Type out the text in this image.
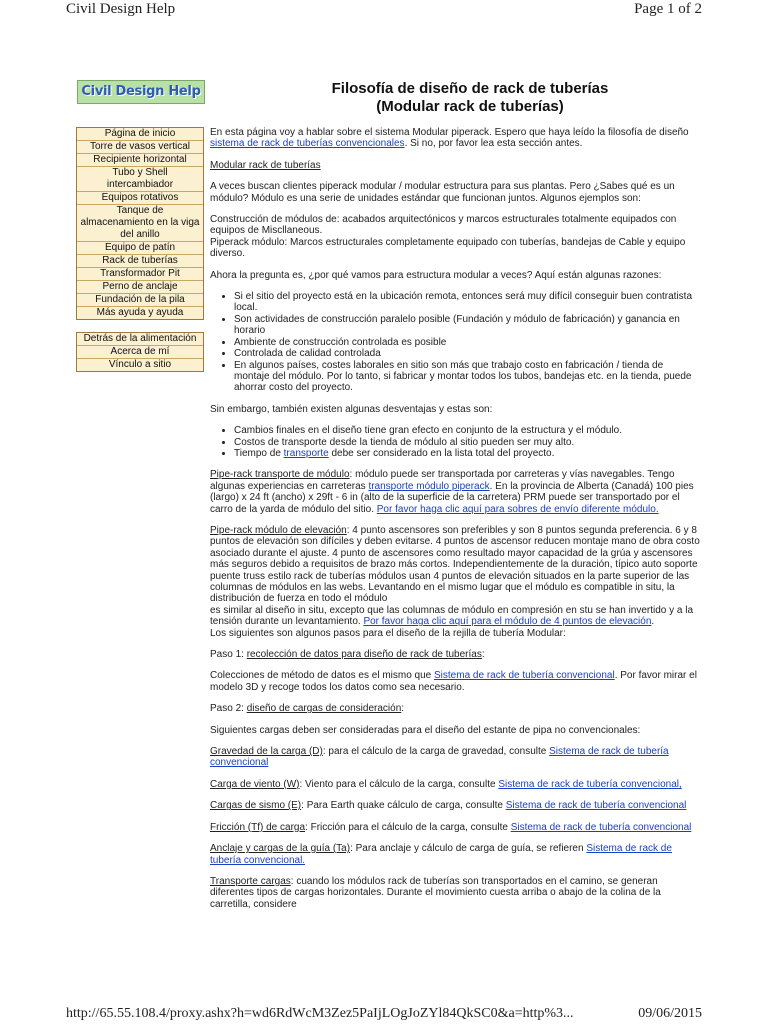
Civil Design Help	Page 1 of 2
Civil Design Help
Página de inicio
Torre de vasos vertical
Recipiente horizontal
Tubo y Shell intercambiador
Equipos rotativos
Tanque de almacenamiento en la viga del anillo
Equipo de patín
Rack de tuberías
Transformador Pit
Perno de anclaje
Fundación de la pila
Más ayuda y ayuda
Detrás de la alimentación
Acerca de mí
Vínculo a sitio
Filosofía de diseño de rack de tuberías
(Modular rack de tuberías)

En esta página voy a hablar sobre el sistema Modular piperack. Espero que haya leído la filosofía de diseño
sistema de rack de tuberías convencionales. Si no, por favor lea esta sección antes.

Modular rack de tuberías

A veces buscan clientes piperack modular / modular estructura para sus plantas. Pero ¿Sabes qué es un módulo? Módulo es una serie de unidades estándar que funcionan juntos. Algunos ejemplos son:

Construcción de módulos de: acabados arquitectónicos y marcos estructurales totalmente equipados con equipos de Miscllaneous.
Piperack módulo: Marcos estructurales completamente equipado con tuberías, bandejas de Cable y equipo diverso.

Ahora la pregunta es, ¿por qué vamos para estructura modular a veces? Aquí están algunas razones:

• Si el sitio del proyecto está en la ubicación remota, entonces será muy difícil conseguir buen contratista local.
• Son actividades de construcción paralelo posible (Fundación y módulo de fabricación) y ganancia en horario
• Ambiente de construcción controlada es posible
• Controlada de calidad controlada
• En algunos países, costes laborales en sitio son más que trabajo costo en fabricación / tienda de montaje del módulo. Por lo tanto, si fabricar y montar todos los tubos, bandejas etc. en la tienda, puede ahorrar costo del proyecto.

Sin embargo, también existen algunas desventajas y estas son:

• Cambios finales en el diseño tiene gran efecto en conjunto de la estructura y el módulo.
• Costos de transporte desde la tienda de módulo al sitio pueden ser muy alto.
• Tiempo de transporte debe ser considerado en la lista total del proyecto.

Pipe-rack transporte de módulo: módulo puede ser transportada por carreteras y vías navegables. Tengo algunas experiencias en carreteras transporte módulo piperack. En la provincia de Alberta (Canadá) 100 pies (largo) x 24 ft (ancho) x 29ft - 6 in (alto de la superficie de la carretera) PRM puede ser transportado por el carro de la yarda de módulo del sitio. Por favor haga clic aquí para sobres de envío diferente módulo.

Pipe-rack módulo de elevación: 4 punto ascensores son preferibles y son 8 puntos segunda preferencia. 6 y 8 puntos de elevación son difíciles y deben evitarse. 4 puntos de ascensor reducen montaje mano de obra costo asociado durante el ajuste. 4 punto de ascensores como resultado mayor capacidad de la grúa y ascensores más seguros debido a requisitos de brazo más cortos. Independientemente de la duración, típico auto soporte puente truss estilo rack de tuberías módulos usan 4 puntos de elevación situados en la parte superior de las columnas de módulos en las webs. Levantando en el mismo lugar que el módulo es compatible in situ, la distribución de fuerza en todo el módulo

es similar al diseño in situ, excepto que las columnas de módulo en compresión en stu se han invertido y a la tensión durante un levantamiento. Por favor haga clic aquí para el módulo de 4 puntos de elevación.

Los siguientes son algunos pasos para el diseño de la rejilla de tubería Modular:

Paso 1: recolección de datos para diseño de rack de tuberías:

Colecciones de método de datos es el mismo que Sistema de rack de tubería convencional. Por favor mirar el modelo 3D y recoge todos los datos como sea necesario.

Paso 2: diseño de cargas de consideración:

Siguientes cargas deben ser consideradas para el diseño del estante de pipa no convencionales:

Gravedad de la carga (D): para el cálculo de la carga de gravedad, consulte Sistema de rack de tubería convencional

Carga de viento (W): Viento para el cálculo de la carga, consulte Sistema de rack de tubería convencional,

Cargas de sismo (E): Para Earth quake cálculo de carga, consulte Sistema de rack de tubería convencional

Fricción (Tf) de carga: Fricción para el cálculo de la carga, consulte Sistema de rack de tubería convencional

Anclaje y cargas de la guía (Ta): Para anclaje y cálculo de carga de guía, se refieren Sistema de rack de tubería convencional.

Transporte cargas: cuando los módulos rack de tuberías son transportados en el camino, se generan diferentes tipos de cargas horizontales. Durante el movimiento cuesta arriba o abajo de la colina de la carretilla, considere

http://65.55.108.4/proxy.ashx?h=wd6RdWcM3Zez5PaIjLOgJoZYl84QkSC0&a=http%3...	09/06/2015
